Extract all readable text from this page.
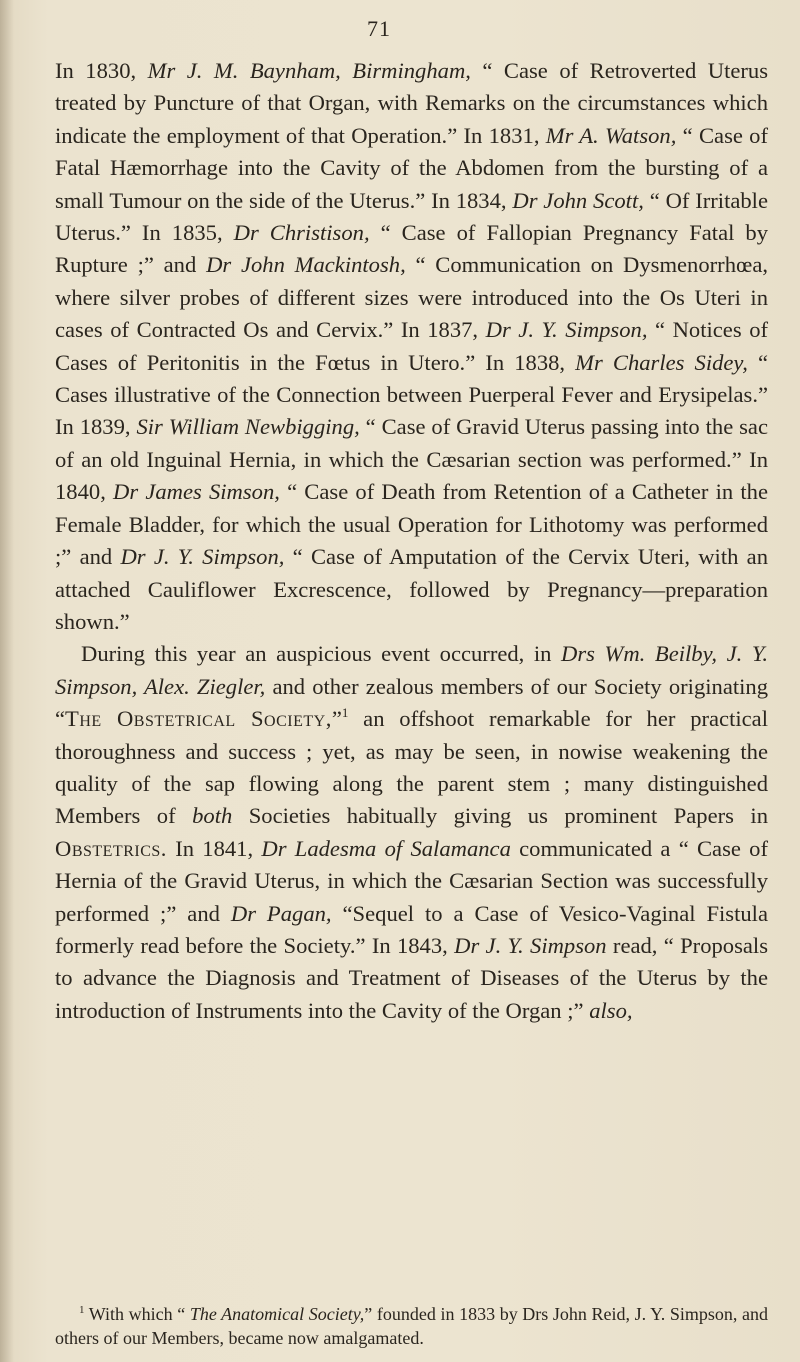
71

In 1830, Mr J. M. Baynham, Birmingham, “ Case of Retroverted Uterus treated by Puncture of that Organ, with Remarks on the circumstances which indicate the employment of that Operation.” In 1831, Mr A. Watson, “ Case of Fatal Hæmorrhage into the Cavity of the Abdomen from the bursting of a small Tumour on the side of the Uterus.” In 1834, Dr John Scott, “ Of Irritable Uterus.” In 1835, Dr Christison, “ Case of Fallopian Pregnancy Fatal by Rupture ;” and Dr John Mackintosh, “ Communication on Dysmenorrhœa, where silver probes of different sizes were introduced into the Os Uteri in cases of Contracted Os and Cervix.” In 1837, Dr J. Y. Simpson, “ Notices of Cases of Peritonitis in the Fœtus in Utero.” In 1838, Mr Charles Sidey, “ Cases illustrative of the Connection between Puerperal Fever and Erysipelas.” In 1839, Sir William Newbigging, “ Case of Gravid Uterus passing into the sac of an old Inguinal Hernia, in which the Cæsarian section was performed.” In 1840, Dr James Simson, “ Case of Death from Retention of a Catheter in the Female Bladder, for which the usual Operation for Lithotomy was performed ;” and Dr J. Y. Simpson, “ Case of Amputation of the Cervix Uteri, with an attached Cauliflower Excrescence, followed by Pregnancy—preparation shown.”

During this year an auspicious event occurred, in Drs Wm. Beilby, J. Y. Simpson, Alex. Ziegler, and other zealous members of our Society originating “The Obstetrical Society,”$^1$ an offshoot remarkable for her practical thoroughness and success ; yet, as may be seen, in nowise weakening the quality of the sap flowing along the parent stem ; many distinguished Members of both Societies habitually giving us prominent Papers in Obstetrics. In 1841, Dr Ladesma of Salamanca communicated a “ Case of Hernia of the Gravid Uterus, in which the Cæsarian Section was successfully performed ;” and Dr Pagan, “Sequel to a Case of Vesico-Vaginal Fistula formerly read before the Society.” In 1843, Dr J. Y. Simpson read, “ Proposals to advance the Diagnosis and Treatment of Diseases of the Uterus by the introduction of Instruments into the Cavity of the Organ ;” also,

$^1$ With which “ The Anatomical Society,” founded in 1833 by Drs John Reid, J. Y. Simpson, and others of our Members, became now amalgamated.
